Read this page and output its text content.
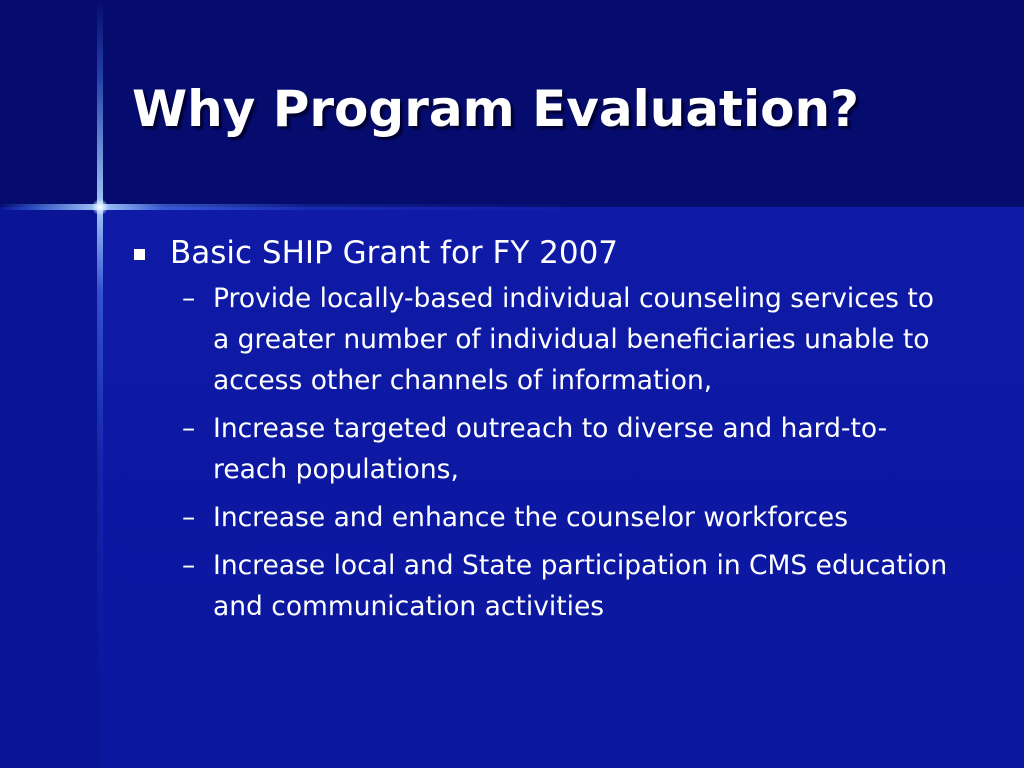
Why Program Evaluation?
Basic SHIP Grant for FY 2007
– Provide locally-based individual counseling services to a greater number of individual beneficiaries unable to access other channels of information,
– Increase targeted outreach to diverse and hard-to-reach populations,
– Increase and enhance the counselor workforces
– Increase local and State participation in CMS education and communication activities
